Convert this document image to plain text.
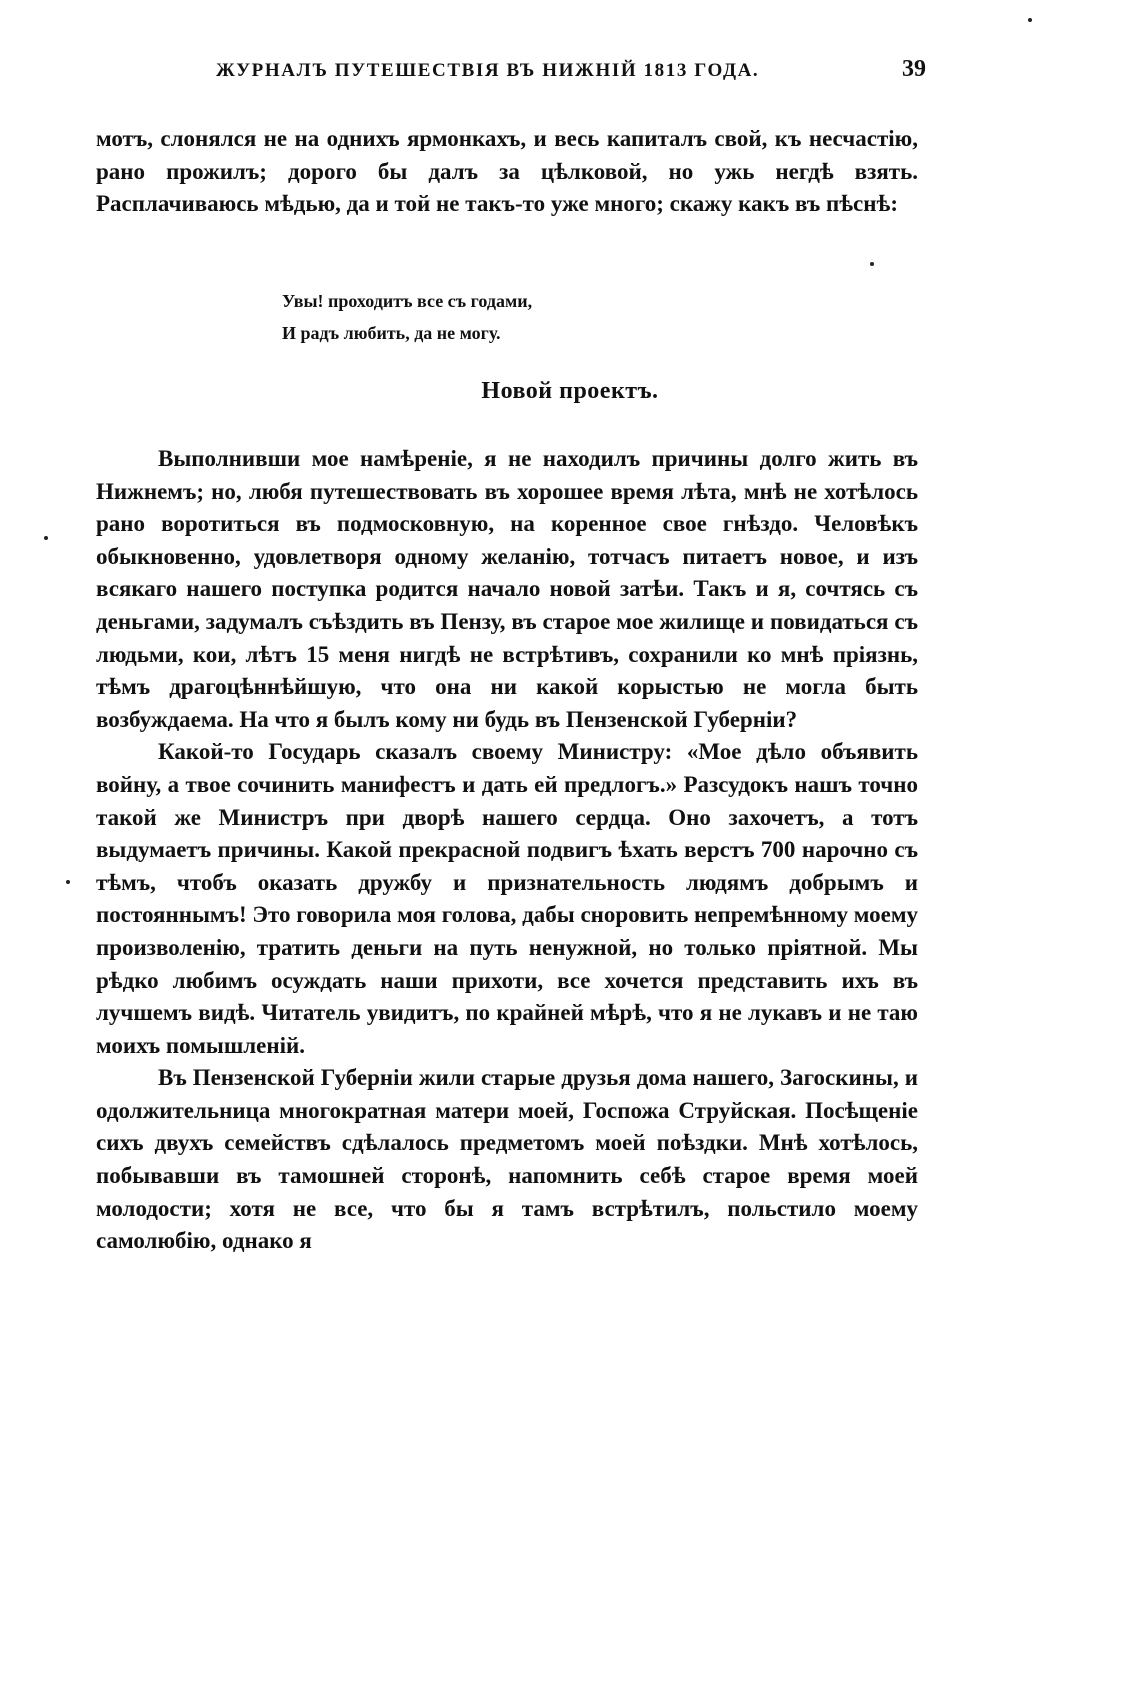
ЖУРНАЛЪ ПУТЕШЕСТВІЯ ВЪ НИЖНІЙ 1813 ГОДА.	39

мотъ, слонялся не на однихъ ярмонкахъ, и весь капиталъ свой, къ несчастію, рано прожилъ; дорого бы далъ за цѣлковой, но ужь негдѣ взять. Расплачиваюсь мѣдью, да и той не такъ-то уже много; скажу какъ въ пѣснѣ:

Увы! проходитъ все съ годами,
И радъ любить, да не могу.
Новой проектъ.

Выполнивши мое намѣреніе, я не находилъ причины долго жить въ Нижнемъ; но, любя путешествовать въ хорошее время лѣта, мнѣ не хотѣлось рано воротиться въ подмосковную, на коренное свое гнѣздо. Человѣкъ обыкновенно, удовлетворя одному желанію, тотчасъ питаетъ новое, и изъ всякаго нашего поступка родится начало новой затѣи. Такъ и я, сочтясь съ деньгами, задумалъ съѣздить въ Пензу, въ старое мое жилище и повидаться съ людьми, кои, лѣтъ 15 меня нигдѣ не встрѣтивъ, сохранили ко мнѣ пріязнь, тѣмъ драгоцѣннѣйшую, что она ни какой корыстью не могла быть возбуждаема. На что я былъ кому ни будь въ Пензенской Губерніи?

Какой-то Государь сказалъ своему Министру: «Мое дѣло объявить войну, а твое сочинить манифестъ и дать ей предлогъ.» Разсудокъ нашъ точно такой же Министръ при дворѣ нашего сердца. Оно захочетъ, а тотъ выдумаетъ причины. Какой прекрасной подвигъ ѣхать верстъ 700 нарочно съ тѣмъ, чтобъ оказать дружбу и признательность людямъ добрымъ и постояннымъ! Это говорила моя голова, дабы сноровить непремѣнному моему произволенію, тратить деньги на путь ненужной, но только пріятной. Мы рѣдко любимъ осуждать наши прихоти, все хочется представить ихъ въ лучшемъ видѣ. Читатель увидитъ, по крайней мѣрѣ, что я не лукавъ и не таю моихъ помышленій.

Въ Пензенской Губерніи жили старые друзья дома нашего, Загоскины, и одолжительница многократная матери моей, Госпожа Струйская. Посѣщеніе сихъ двухъ семействъ сдѣлалось предметомъ моей поѣздки. Мнѣ хотѣлось, побывавши въ тамошней сторонѣ, напомнить себѣ старое время моей молодости; хотя не все, что бы я тамъ встрѣтилъ, польстило моему самолюбію, однако я
